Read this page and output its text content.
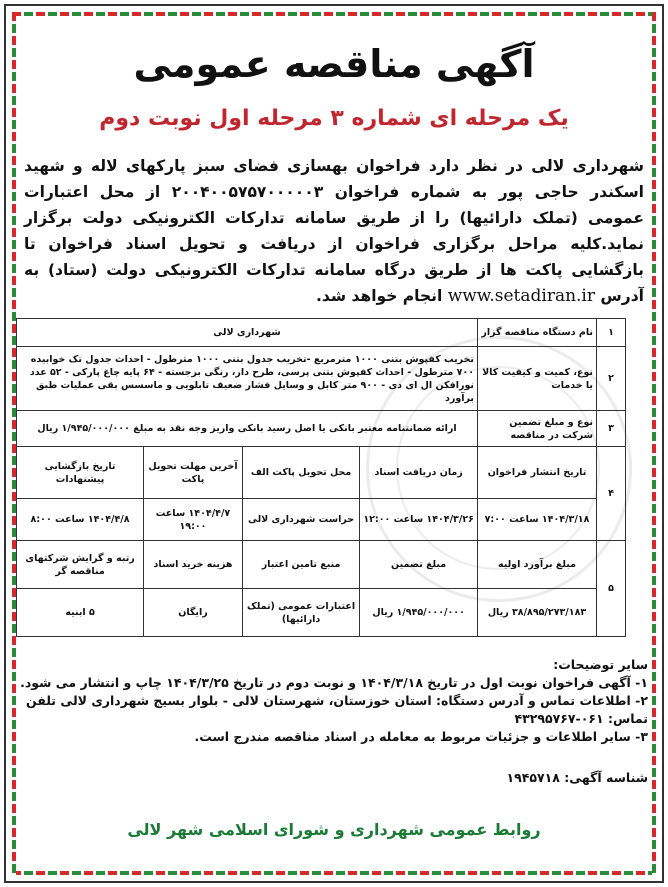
آگهی مناقصه عمومی
یک مرحله ای شماره ۳ مرحله اول نوبت دوم
شهرداری لالی در نظر دارد فراخوان بهسازی فضای سبز پارکهای لاله و شهید اسکندر حاجی پور به شماره فراخوان ۲۰۰۴۰۰۵۷۵۷۰۰۰۰۰۳ از محل اعتبارات عمومی (تملک دارائیها) را از طریق سامانه تدارکات الکترونیکی دولت برگزار نماید.کلیه مراحل برگزاری فراخوان از دریافت و تحویل اسناد فراخوان تا بازگشایی پاکت ها از طریق درگاه سامانه تدارکات الکترونیکی دولت (ستاد) به آدرس www.setadiran.ir انجام خواهد شد.
۱	نام دستگاه مناقصه گزار	شهرداری لالی			
۲	نوع، کمیت و کیفیت کالا یا خدمات	تخریب کفپوش بتنی ۱۰۰۰ مترمربع -تخریب جدول بتنی ۱۰۰۰ مترطول - احداث جدول تک خوابیده ۷۰۰ مترطول - احداث کفپوش بتنی پرسی، طرح دار، رنگی برجسته - ۶۴ پایه چاغ پارکی - ۵۲ عدد نورافکن ال ای دی - ۹۰۰ متر کابل و وسایل فشار ضعیف تابلویی و ماسسس بقی عملیات طبق برآورد			
۳	نوع و مبلغ تضمین شرکت در مناقصه	ارائه ضمانتنامه معتبر بانکی یا اصل رسید بانکی واریز وجه نقد به مبلغ ۱/۹۴۵/۰۰۰/۰۰۰ ریال			
۴	تاریخ انتشار فراخوان	زمان دریافت اسناد	محل تحویل پاکت الف	آخرین مهلت تحویل پاکت	تاریخ بازگشایی پیشنهادات
	۱۴۰۴/۳/۱۸ ساعت ۷:۰۰	۱۴۰۴/۳/۲۶ ساعت ۱۲:۰۰	حراست شهرداری لالی	۱۴۰۴/۴/۷ ساعت ۱۹:۰۰	۱۴۰۴/۴/۸ ساعت ۸:۰۰
۵	مبلغ برآورد اولیه	مبلغ تضمین	منبع تامین اعتبار	هزینه خرید اسناد	رتبه و گرایش شرکتهای مناقصه گر
	۳۸/۸۹۵/۲۷۳/۱۸۳ ریال	۱/۹۴۵/۰۰۰/۰۰۰ ریال	اعتبارات عمومی (تملک دارائیها)	رایگان	۵ ابنیه
سایر توضیحات:
۱- آگهی فراخوان نوبت اول در تاریخ ۱۴۰۴/۳/۱۸ و نوبت دوم در تاریخ ۱۴۰۴/۳/۲۵ چاپ و انتشار می شود.
۲- اطلاعات تماس و آدرس دستگاه: استان خوزستان، شهرستان لالی - بلوار بسیج شهرداری لالی تلفن تماس: ۰۶۱-۴۳۲۹۵۷۶۷
۳- سایر اطلاعات و جزئیات مربوط به معامله در اسناد مناقصه مندرج است.
شناسه آگهی: ۱۹۴۵۷۱۸
روابط عمومی شهرداری و شورای اسلامی شهر لالی
